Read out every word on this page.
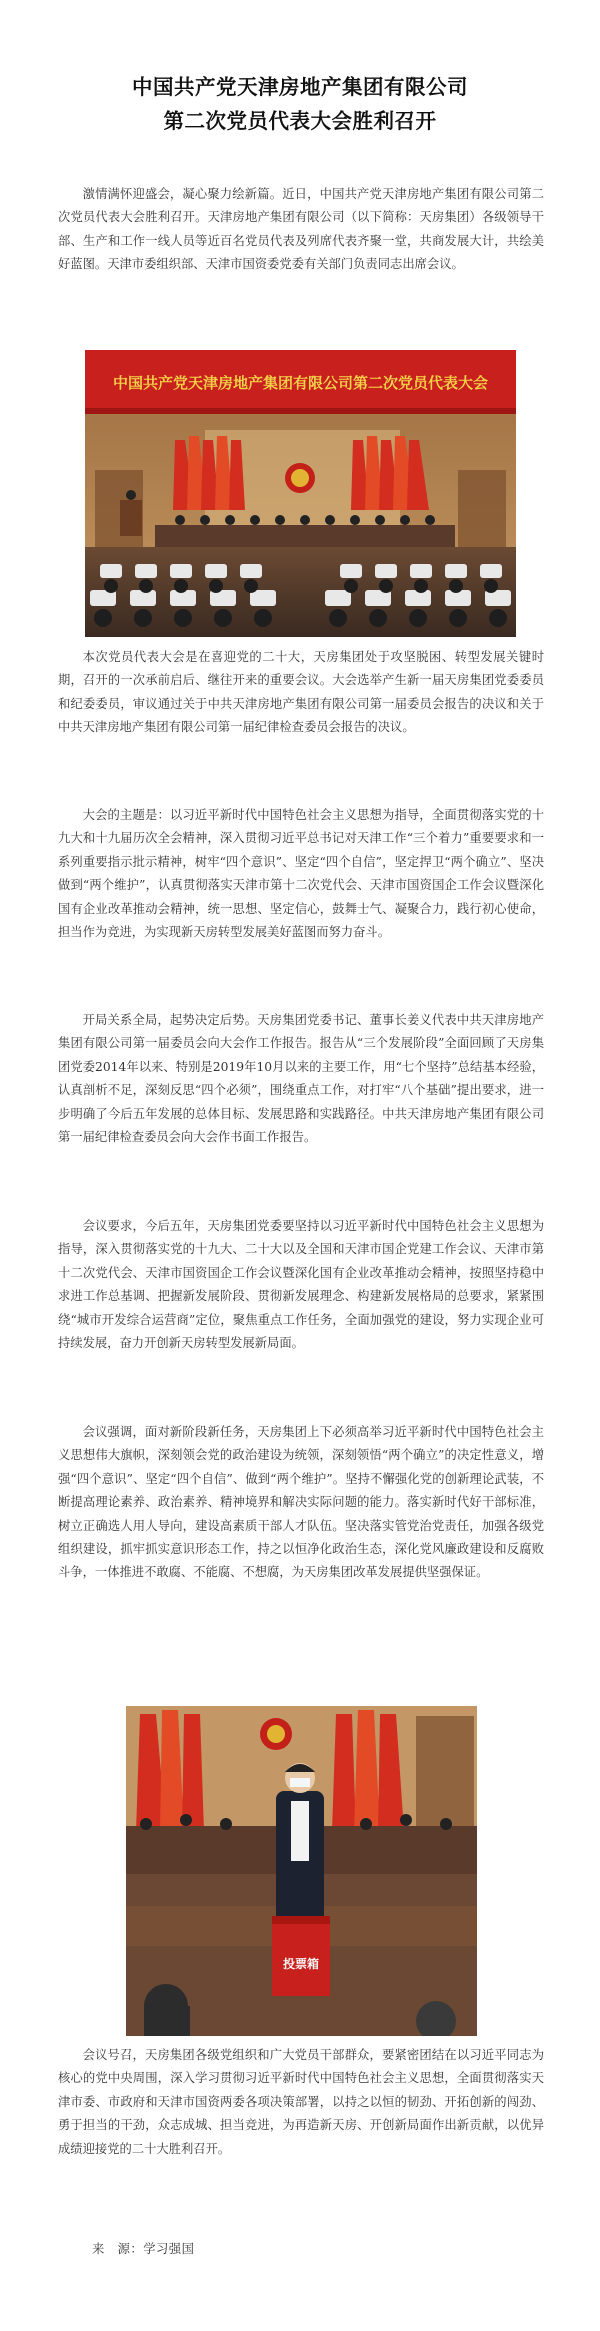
中国共产党天津房地产集团有限公司
第二次党员代表大会胜利召开

激情满怀迎盛会，凝心聚力绘新篇。近日，中国共产党天津房地产集团有限公司第二次党员代表大会胜利召开。天津房地产集团有限公司（以下简称：天房集团）各级领导干部、生产和工作一线人员等近百名党员代表及列席代表齐聚一堂，共商发展大计，共绘美好蓝图。天津市委组织部、天津市国资委党委有关部门负责同志出席会议。

中国共产党天津房地产集团有限公司第二次党员代表大会

本次党员代表大会是在喜迎党的二十大，天房集团处于攻坚脱困、转型发展关键时期，召开的一次承前启后、继往开来的重要会议。大会选举产生新一届天房集团党委委员和纪委委员，审议通过关于中共天津房地产集团有限公司第一届委员会报告的决议和关于中共天津房地产集团有限公司第一届纪律检查委员会报告的决议。

大会的主题是：以习近平新时代中国特色社会主义思想为指导，全面贯彻落实党的十九大和十九届历次全会精神，深入贯彻习近平总书记对天津工作“三个着力”重要要求和一系列重要指示批示精神，树牢“四个意识”、坚定“四个自信”，坚定捍卫“两个确立”、坚决做到“两个维护”，认真贯彻落实天津市第十二次党代会、天津市国资国企工作会议暨深化国有企业改革推动会精神，统一思想、坚定信心，鼓舞士气、凝聚合力，践行初心使命，担当作为竞进，为实现新天房转型发展美好蓝图而努力奋斗。

开局关系全局，起势决定后势。天房集团党委书记、董事长姜义代表中共天津房地产集团有限公司第一届委员会向大会作工作报告。报告从“三个发展阶段”全面回顾了天房集团党委2014年以来、特别是2019年10月以来的主要工作，用“七个坚持”总结基本经验，认真剖析不足，深刻反思“四个必须”，围绕重点工作，对打牢“八个基础”提出要求，进一步明确了今后五年发展的总体目标、发展思路和实践路径。中共天津房地产集团有限公司第一届纪律检查委员会向大会作书面工作报告。

会议要求，今后五年，天房集团党委要坚持以习近平新时代中国特色社会主义思想为指导，深入贯彻落实党的十九大、二十大以及全国和天津市国企党建工作会议、天津市第十二次党代会、天津市国资国企工作会议暨深化国有企业改革推动会精神，按照坚持稳中求进工作总基调、把握新发展阶段、贯彻新发展理念、构建新发展格局的总要求，紧紧围绕“城市开发综合运营商”定位，聚焦重点工作任务，全面加强党的建设，努力实现企业可持续发展，奋力开创新天房转型发展新局面。

会议强调，面对新阶段新任务，天房集团上下必须高举习近平新时代中国特色社会主义思想伟大旗帜，深刻领会党的政治建设为统领，深刻领悟“两个确立”的决定性意义，增强“四个意识”、坚定“四个自信”、做到“两个维护”。坚持不懈强化党的创新理论武装，不断提高理论素养、政治素养、精神境界和解决实际问题的能力。落实新时代好干部标准，树立正确选人用人导向，建设高素质干部人才队伍。坚决落实管党治党责任，加强各级党组织建设，抓牢抓实意识形态工作，持之以恒净化政治生态，深化党风廉政建设和反腐败斗争，一体推进不敢腐、不能腐、不想腐，为天房集团改革发展提供坚强保证。

投票箱

会议号召，天房集团各级党组织和广大党员干部群众，要紧密团结在以习近平同志为核心的党中央周围，深入学习贯彻习近平新时代中国特色社会主义思想，全面贯彻落实天津市委、市政府和天津市国资两委各项决策部署，以持之以恒的韧劲、开拓创新的闯劲、勇于担当的干劲，众志成城、担当竞进，为再造新天房、开创新局面作出新贡献，以优异成绩迎接党的二十大胜利召开。

来　源：学习强国
